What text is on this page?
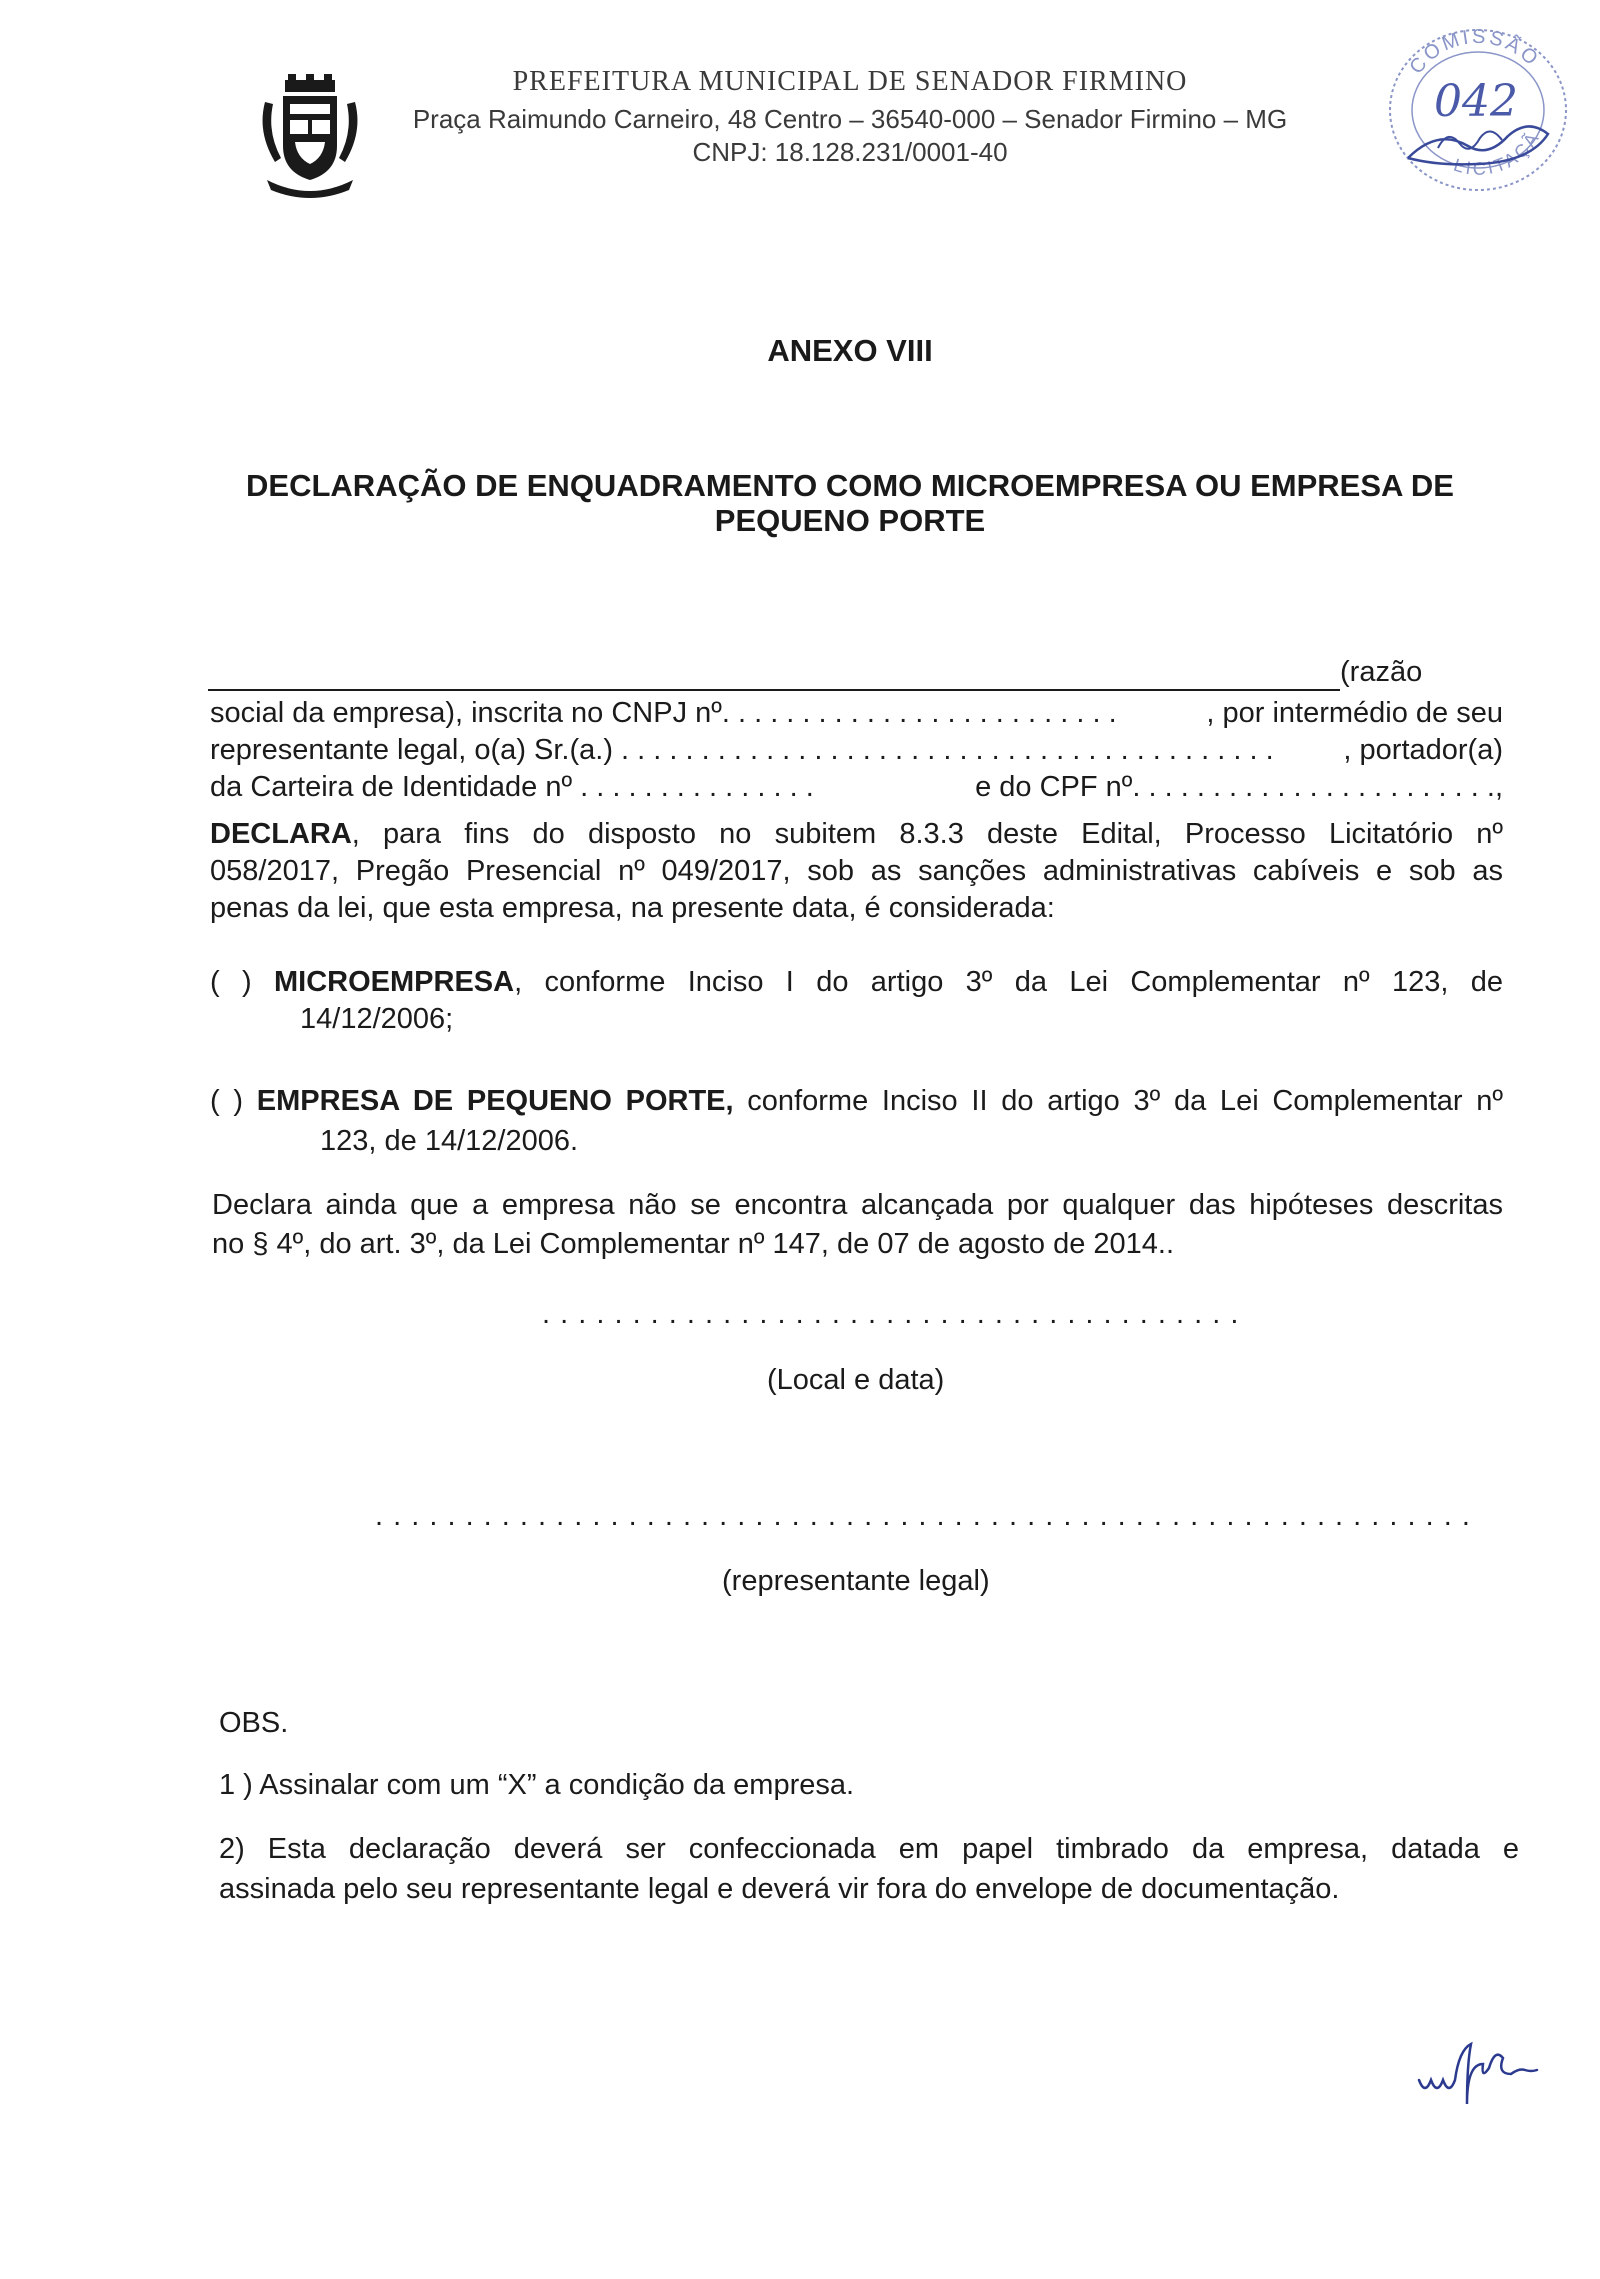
PREFEITURA MUNICIPAL DE SENADOR FIRMINO
Praça Raimundo Carneiro, 48 Centro – 36540-000 – Senador Firmino – MG
CNPJ: 18.128.231/0001-40
COMISSÃO
LICITAÇÃ
042
ANEXO VIII
DECLARAÇÃO DE ENQUADRAMENTO COMO MICROEMPRESA OU EMPRESA DE
PEQUENO PORTE
(razão
social da empresa), inscrita no CNPJ nº. . . . . . . . . . . . . . . . . . . . . . . . .	, por intermédio de seu
representante legal, o(a) Sr.(a.) . . . . . . . . . . . . . . . . . . . . . . . . . . . . . . . . . . . . . . . . . , portador(a)
da Carteira de Identidade nº . . . . . . . . . . . . . . .	e do CPF nº. . . . . . . . . . . . . . . . . . . . . . .,
DECLARA, para fins do disposto no subitem 8.3.3 deste Edital, Processo Licitatório nº
058/2017, Pregão Presencial nº 049/2017, sob as sanções administrativas cabíveis e sob as
penas da lei, que esta empresa, na presente data, é considerada:
( ) MICROEMPRESA, conforme Inciso I do artigo 3º da Lei Complementar nº 123, de
14/12/2006;
( ) EMPRESA DE PEQUENO PORTE, conforme Inciso II do artigo 3º da Lei Complementar nº
123, de 14/12/2006.
Declara ainda que a empresa não se encontra alcançada por qualquer das hipóteses descritas
no § 4º, do art. 3º, da Lei Complementar nº 147, de 07 de agosto de 2014..
. . . . . . . . . . . . . . . . . . . . . . . . . . . . . . . . . . . . . . .
(Local e data)
. . . . . . . . . . . . . . . . . . . . . . . . . . . . . . . . . . . . . . . . . . . . . . . . . . . . . . . . . . . . .
(representante legal)
OBS.
1 ) Assinalar com um “X” a condição da empresa.
2) Esta declaração deverá ser confeccionada em papel timbrado da empresa, datada e
assinada pelo seu representante legal e deverá vir fora do envelope de documentação.
